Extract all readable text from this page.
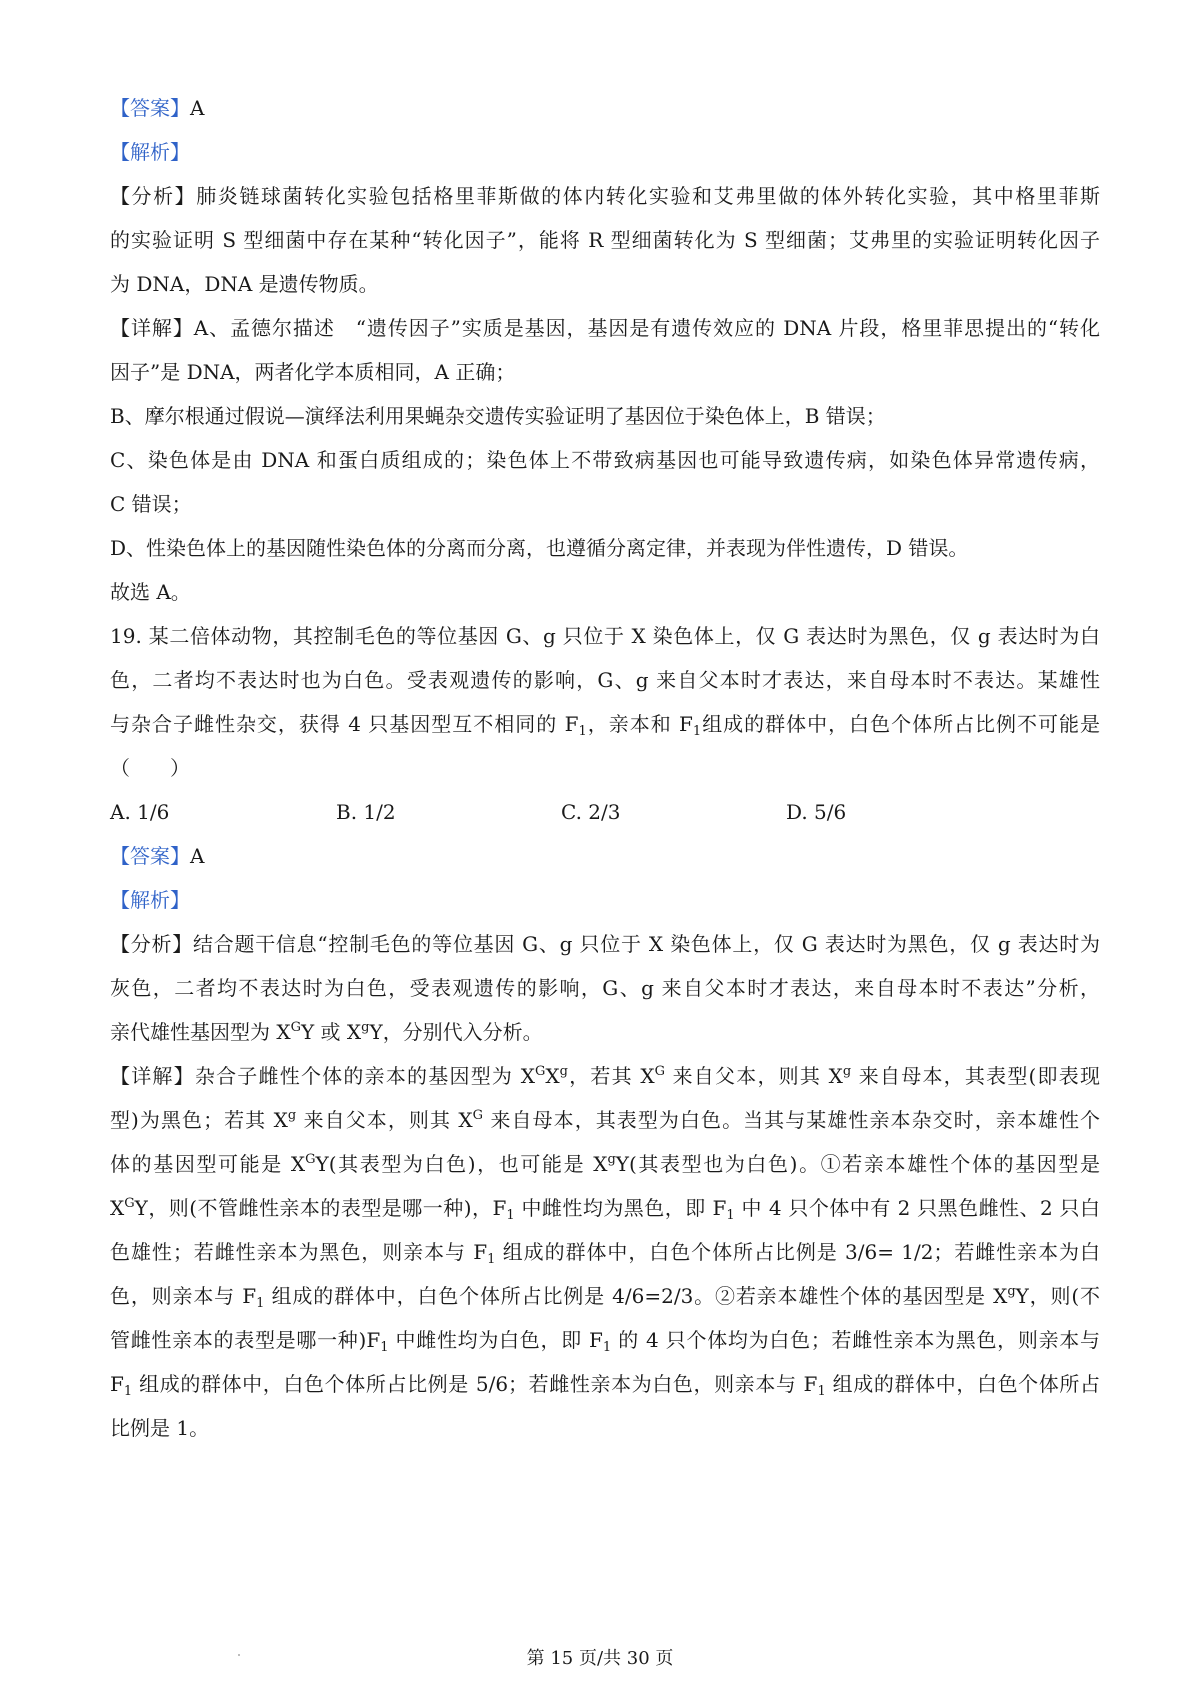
【答案】A
【解析】
【分析】肺炎链球菌转化实验包括格里菲斯做的体内转化实验和艾弗里做的体外转化实验，其中格里菲斯
的实验证明 S 型细菌中存在某种“转化因子”，能将 R 型细菌转化为 S 型细菌；艾弗里的实验证明转化因子
为 DNA，DNA 是遗传物质。
【详解】A、孟德尔描述　“遗传因子”实质是基因，基因是有遗传效应的 DNA 片段，格里菲思提出的“转化
因子”是 DNA，两者化学本质相同，A 正确；
B、摩尔根通过假说—演绎法利用果蝇杂交遗传实验证明了基因位于染色体上，B 错误；
C、染色体是由 DNA 和蛋白质组成的；染色体上不带致病基因也可能导致遗传病，如染色体异常遗传病，
C 错误；
D、性染色体上的基因随性染色体的分离而分离，也遵循分离定律，并表现为伴性遗传，D 错误。
故选 A。
19. 某二倍体动物，其控制毛色的等位基因 G、g 只位于 X 染色体上，仅 G 表达时为黑色，仅 g 表达时为白
色，二者均不表达时也为白色。受表观遗传的影响，G、g 来自父本时才表达，来自母本时不表达。某雄性
与杂合子雌性杂交，获得 4 只基因型互不相同的 $F_1$，亲本和 $F_1$组成的群体中，白色个体所占比例不可能是
（　　）
A. 1/6	B. 1/2	C. 2/3	D. 5/6
【答案】A
【解析】
【分析】结合题干信息“控制毛色的等位基因 G、g 只位于 X 染色体上，仅 G 表达时为黑色，仅 g 表达时为
灰色，二者均不表达时为白色，受表观遗传的影响，G、g 来自父本时才表达，来自母本时不表达”分析，
亲代雄性基因型为 $X^GY$ 或 $X^gY$，分别代入分析。
【详解】杂合子雌性个体的亲本的基因型为 $X^GX^g$，若其 $X^G$ 来自父本，则其 $X^g$ 来自母本，其表型(即表现
型)为黑色；若其 $X^g$ 来自父本，则其 $X^G$ 来自母本，其表型为白色。当其与某雄性亲本杂交时，亲本雄性个
体的基因型可能是 $X^GY$(其表型为白色)，也可能是 $X^gY$(其表型也为白色)。①若亲本雄性个体的基因型是
$X^GY$，则(不管雌性亲本的表型是哪一种)，$F_1$ 中雌性均为黑色，即 $F_1$ 中 4 只个体中有 2 只黑色雌性、2 只白
色雄性；若雌性亲本为黑色，则亲本与 $F_1$ 组成的群体中，白色个体所占比例是 3/6= 1/2；若雌性亲本为白
色，则亲本与 $F_1$ 组成的群体中，白色个体所占比例是 4/6=2/3。②若亲本雄性个体的基因型是 $X^gY$，则(不
管雌性亲本的表型是哪一种)$F_1$ 中雌性均为白色，即 $F_1$ 的 4 只个体均为白色；若雌性亲本为黑色，则亲本与
$F_1$ 组成的群体中，白色个体所占比例是 5/6；若雌性亲本为白色，则亲本与 $F_1$ 组成的群体中，白色个体所占
比例是 1。
第 15 页/共 30 页
